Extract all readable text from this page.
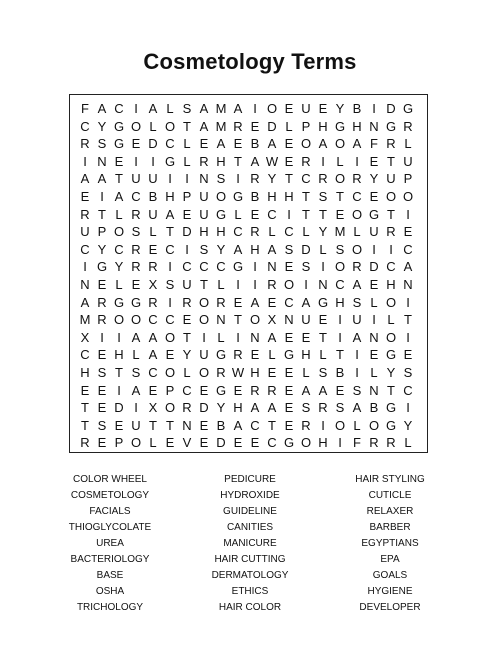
Cosmetology Terms
F A C I A L S A M A I O E U E Y B I D G
C Y G O L O T A M R E D L P H G H N G R
R S G E D C L E A E B A E O A O A F R L
I N E I	I G L R H T A W E R I L I E T U
A A T U U I	I N S I R Y T C R O R Y U P
E I A C B H P U O G B H H T S T C E O O
R T L R U A E U G L E C I T T E O G T I
U P O S L T D H H C R L C L Y M L U R E
C Y C R E C I S Y A H A S D L S O I	I C
I G Y R R I C C C G I N E S I O R D C A
N E L E X S U T L I	I R O I N C A E H N
A R G G R I R O R E A E C A G H S L O I
M R O O C C E O N T O X N U E I U I L T
X I	I A A O T I L I N A E E T I A N O I
C E H L A E Y U G R E L G H L T I E G E
H S T S C O L O R W H E E L S B I L Y S
E E I A E P C E G E R R E A A E S N T C
T E D I X O R D Y H A A E S R S A B G I
T S E U T T N E B A C T E R I O L O G Y
R E P O L E V E D E E C G O H I F R R L
COLOR WHEEL
COSMETOLOGY
FACIALS
THIOGLYCOLATE
UREA
BACTERIOLOGY
BASE
OSHA
TRICHOLOGY
PEDICURE
HYDROXIDE
GUIDELINE
CANITIES
MANICURE
HAIR CUTTING
DERMATOLOGY
ETHICS
HAIR COLOR
HAIR STYLING
CUTICLE
RELAXER
BARBER
EGYPTIANS
EPA
GOALS
HYGIENE
DEVELOPER
